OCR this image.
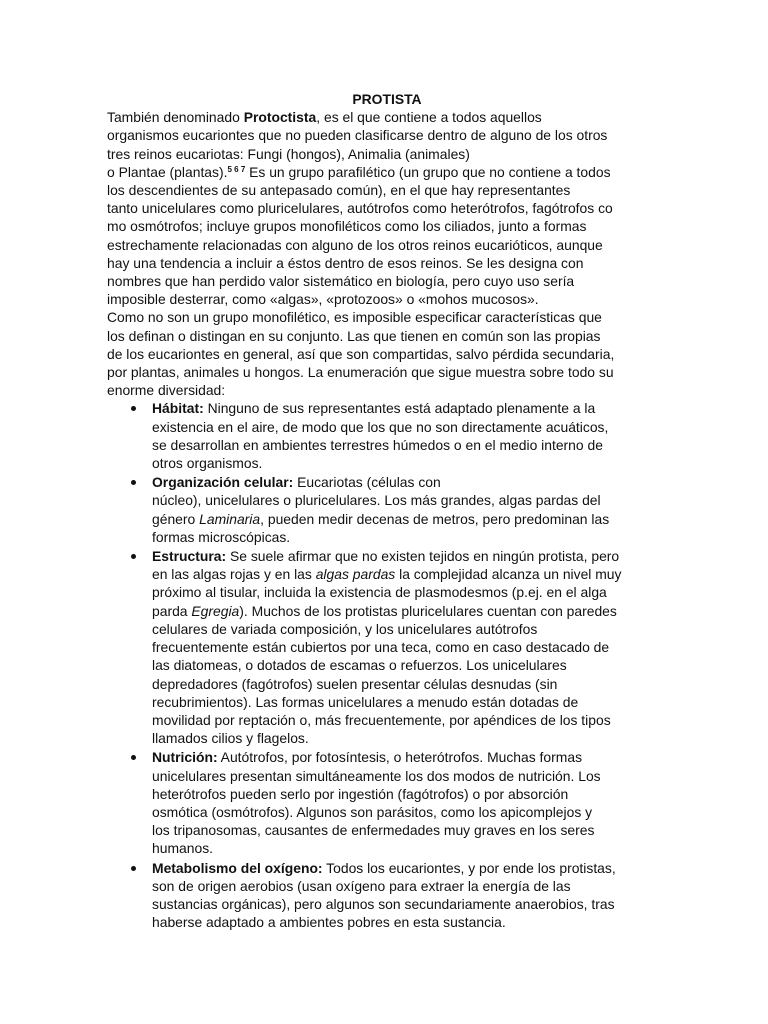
PROTISTA
También denominado Protoctista, es el que contiene a todos aquellos
organismos eucariontes que no pueden clasificarse dentro de alguno de los otros
tres reinos eucariotas: Fungi (hongos), Animalia (animales)
o Plantae (plantas).$^{5 6 7}$ Es un grupo parafilético (un grupo que no contiene a todos
los descendientes de su antepasado común), en el que hay representantes
tanto unicelulares como pluricelulares, autótrofos como heterótrofos, fagótrofos co
mo osmótrofos; incluye grupos monofiléticos como los ciliados, junto a formas
estrechamente relacionadas con alguno de los otros reinos eucarióticos, aunque
hay una tendencia a incluir a éstos dentro de esos reinos. Se les designa con
nombres que han perdido valor sistemático en biología, pero cuyo uso sería
imposible desterrar, como «algas», «protozoos» o «mohos mucosos».
Como no son un grupo monofilético, es imposible especificar características que
los definan o distingan en su conjunto. Las que tienen en común son las propias
de los eucariontes en general, así que son compartidas, salvo pérdida secundaria,
por plantas, animales u hongos. La enumeración que sigue muestra sobre todo su
enorme diversidad:
Hábitat: Ninguno de sus representantes está adaptado plenamente a la
existencia en el aire, de modo que los que no son directamente acuáticos,
se desarrollan en ambientes terrestres húmedos o en el medio interno de
otros organismos.
Organización celular: Eucariotas (células con
núcleo), unicelulares o pluricelulares. Los más grandes, algas pardas del
género Laminaria, pueden medir decenas de metros, pero predominan las
formas microscópicas.
Estructura: Se suele afirmar que no existen tejidos en ningún protista, pero
en las algas rojas y en las algas pardas la complejidad alcanza un nivel muy
próximo al tisular, incluida la existencia de plasmodesmos (p.ej. en el alga
parda Egregia). Muchos de los protistas pluricelulares cuentan con paredes
celulares de variada composición, y los unicelulares autótrofos
frecuentemente están cubiertos por una teca, como en caso destacado de
las diatomeas, o dotados de escamas o refuerzos. Los unicelulares
depredadores (fagótrofos) suelen presentar células desnudas (sin
recubrimientos). Las formas unicelulares a menudo están dotadas de
movilidad por reptación o, más frecuentemente, por apéndices de los tipos
llamados cilios y flagelos.
Nutrición: Autótrofos, por fotosíntesis, o heterótrofos. Muchas formas
unicelulares presentan simultáneamente los dos modos de nutrición. Los
heterótrofos pueden serlo por ingestión (fagótrofos) o por absorción
osmótica (osmótrofos). Algunos son parásitos, como los apicomplejos y
los tripanosomas, causantes de enfermedades muy graves en los seres
humanos.
Metabolismo del oxígeno: Todos los eucariontes, y por ende los protistas,
son de origen aerobios (usan oxígeno para extraer la energía de las
sustancias orgánicas), pero algunos son secundariamente anaerobios, tras
haberse adaptado a ambientes pobres en esta sustancia.
